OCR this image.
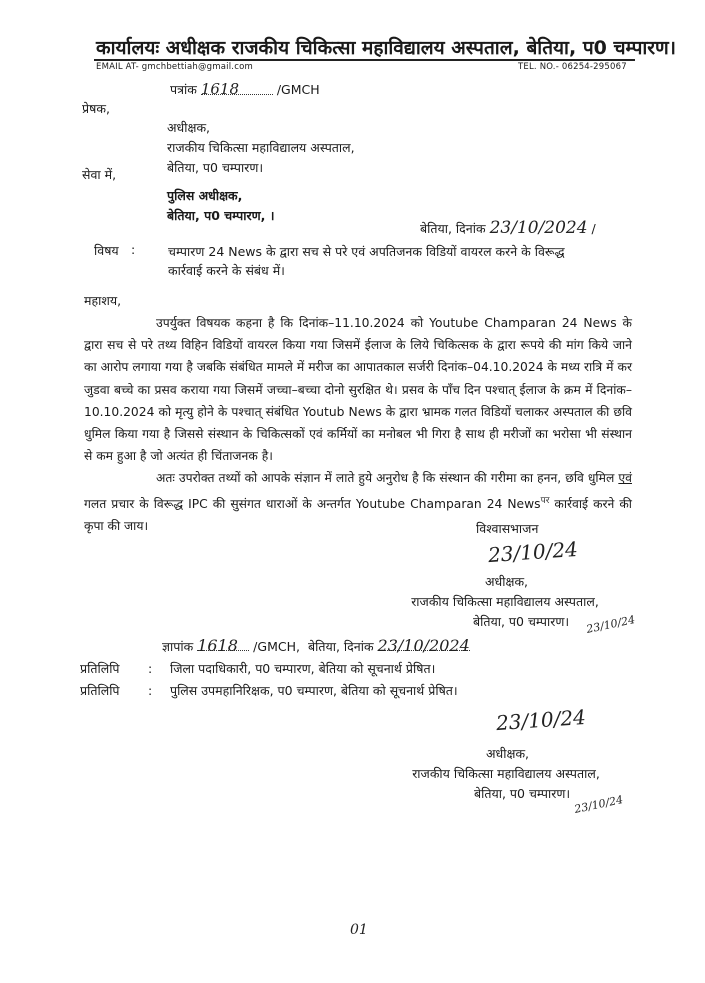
कार्यालयः अधीक्षक राजकीय चिकित्सा महाविद्यालय अस्पताल, बेतिया, प0 चम्पारण।
EMAIL AT- gmchbettiah@gmail.com	TEL. NO.- 06254-295067
पत्रांक 1618	/GMCH
प्रेषक,
अधीक्षक,
राजकीय चिकित्सा महाविद्यालय अस्पताल,
बेतिया, प0 चम्पारण।
सेवा में,
पुलिस अधीक्षक,
बेतिया, प0 चम्पारण, ।
बेतिया, दिनांक 23/10/2024 /
विषय :	चम्पारण 24 News के द्वारा सच से परे एवं अपतिजनक विडियों वायरल करने के विरूद्ध
कार्रवाई करने के संबंध में।
महाशय,

उपर्युक्त विषयक कहना है कि दिनांक–11.10.2024 को Youtube Champaran 24 News के द्वारा सच से परे तथ्य विहिन विडियों वायरल किया गया जिसमें ईलाज के लिये चिकित्सक के द्वारा रूपये की मांग किये जाने का आरोप लगाया गया है जबकि संबंधित मामले में मरीज का आपातकाल सर्जरी दिनांक–04.10.2024 के मध्य रात्रि में कर जुडवा बच्चे का प्रसव कराया गया जिसमें जच्चा–बच्चा दोनो सुरक्षित थे। प्रसव के पाँच दिन पश्चात् ईलाज के क्रम में दिनांक–10.10.2024 को मृत्यु होने के पश्चात् संबंधित Youtub News के द्वारा भ्रामक गलत विडियों चलाकर अस्पताल की छवि धुमिल किया गया है जिससे संस्थान के चिकित्सकों एवं कर्मियों का मनोबल भी गिरा है साथ ही मरीजों का भरोसा भी संस्थान से कम हुआ है जो अत्यंत ही चिंताजनक है।

अतः उपरोक्त तथ्यों को आपके संज्ञान में लाते हुये अनुरोध है कि संस्थान की गरीमा का हनन, छवि धुमिल एवं गलत प्रचार के विरूद्ध IPC की सुसंगत धाराओं के अन्तर्गत Youtube Champaran 24 News$^{पर}$ कार्रवाई करने की कृपा की जाय।	विश्वासभाजन
23/10/24
अधीक्षक,
राजकीय चिकित्सा महाविद्यालय अस्पताल,
बेतिया, प0 चम्पारण।	23/10/24
ज्ञापांक 1618 /GMCH, बेतिया, दिनांक 23/10/2024
प्रतिलिपि : जिला पदाधिकारी, प0 चम्पारण, बेतिया को सूचनार्थ प्रेषित।
प्रतिलिपि : पुलिस उपमहानिरिक्षक, प0 चम्पारण, बेतिया को सूचनार्थ प्रेषित।
23/10/24
अधीक्षक,
राजकीय चिकित्सा महाविद्यालय अस्पताल,
बेतिया, प0 चम्पारण। 23/10/24
01
